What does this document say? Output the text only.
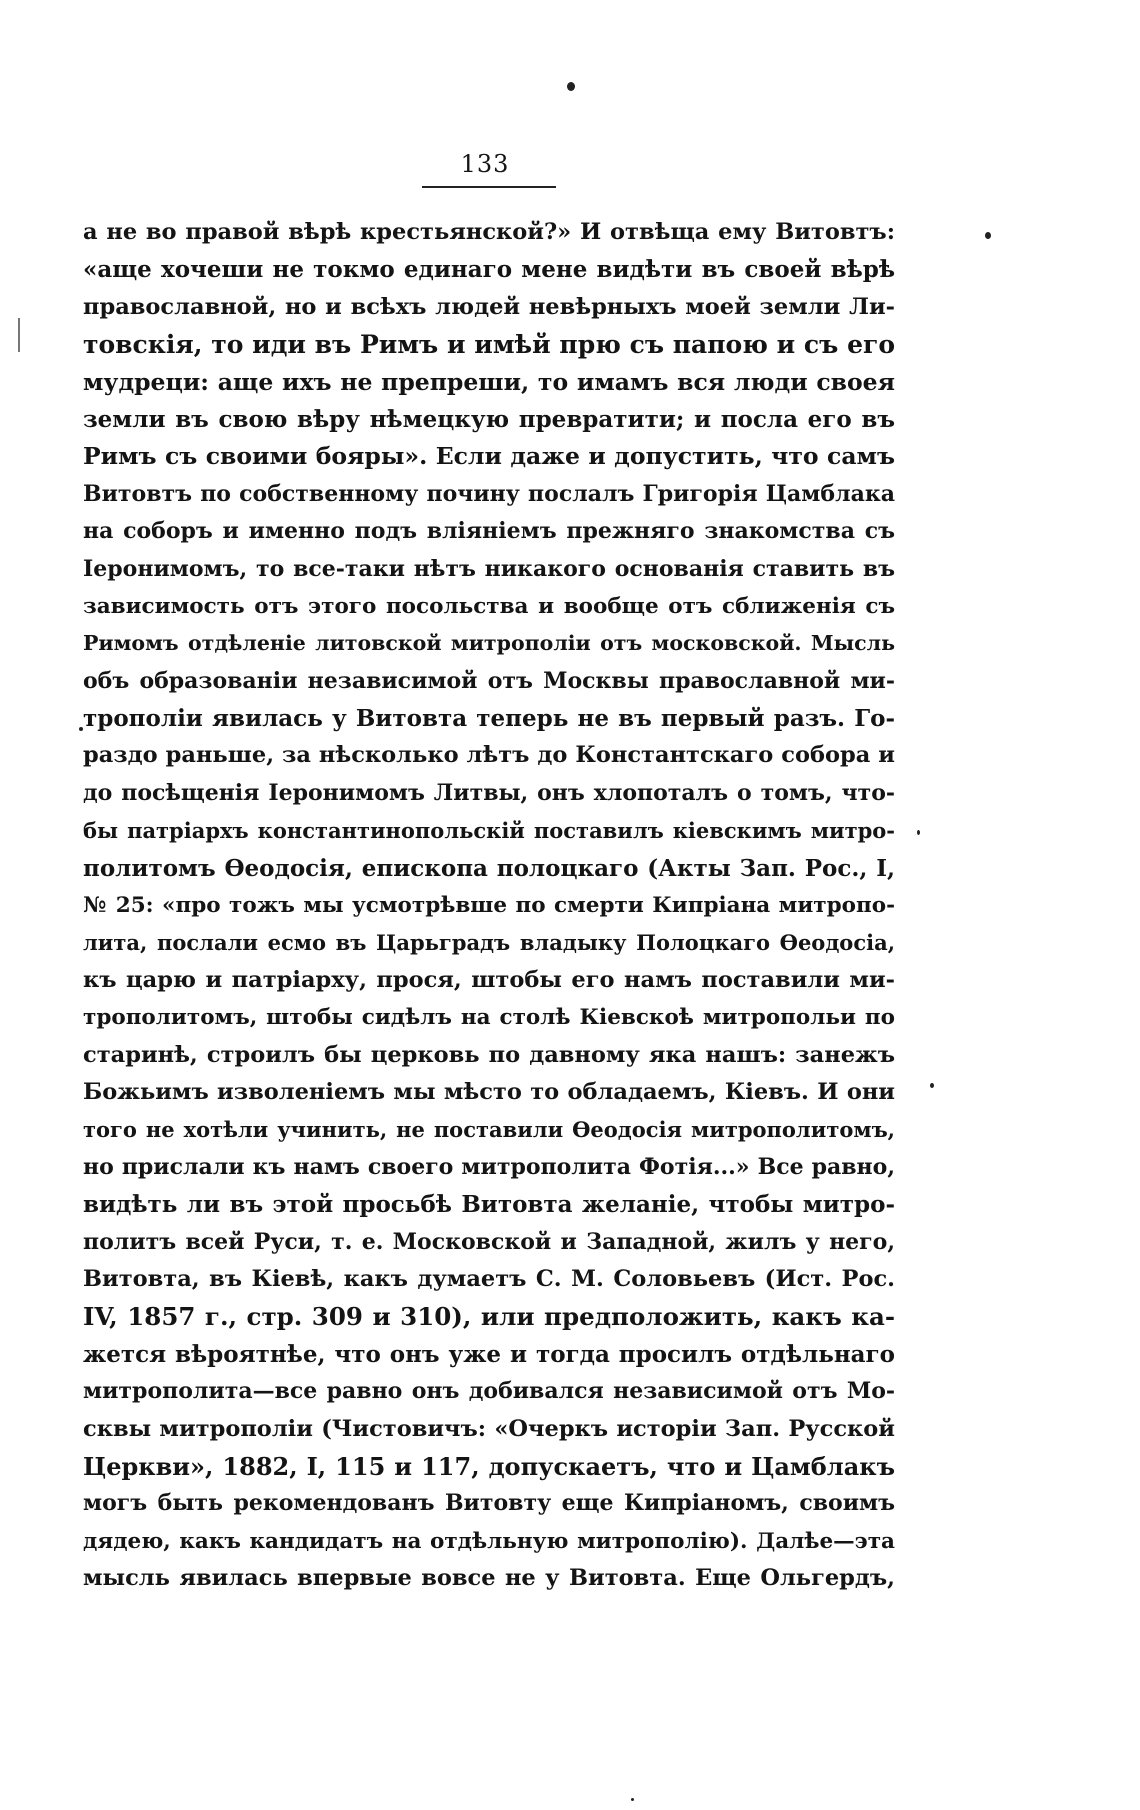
133
а не во правой вѣрѣ крестьянской?» И отвѣща ему Витовтъ:
«аще хочеши не токмо единаго мене видѣти въ своей вѣрѣ
православной, но и всѣхъ людей невѣрныхъ моей земли Ли-
товскія, то иди въ Римъ и имѣй прю съ папою и съ его
мудреци: аще ихъ не препреши, то имамъ вся люди своея
земли въ свою вѣру нѣмецкую превратити; и посла его въ
Римъ съ своими бояры». Если даже и допустить, что самъ
Витовтъ по собственному почину послалъ Григорія Цамблака
на соборъ и именно подъ вліяніемъ прежняго знакомства съ
Іеронимомъ, то все-таки нѣтъ никакого основанія ставить въ
зависимость отъ этого посольства и вообще отъ сближенія съ
Римомъ отдѣленіе литовской митрополіи отъ московской. Мысль
объ образованіи независимой отъ Москвы православной ми-
трополіи явилась у Витовта теперь не въ первый разъ. Го-
раздо раньше, за нѣсколько лѣтъ до Константскаго собора и
до посѣщенія Іеронимомъ Литвы, онъ хлопоталъ о томъ, что-
бы патріархъ константинопольскій поставилъ кіевскимъ митро-
политомъ Ѳеодосія, епископа полоцкаго (Акты Зап. Рос., I,
№ 25: «про тожъ мы усмотрѣвше по смерти Кипріана митропо-
лита, послали есмо въ Царьградъ владыку Полоцкаго Ѳеодосіа,
къ царю и патріарху, прося, штобы его намъ поставили ми-
трополитомъ, штобы сидѣлъ на столѣ Кіевскоѣ митропольи по
старинѣ, строилъ бы церковь по давному яка нашъ: занежъ
Божьимъ изволеніемъ мы мѣсто то обладаемъ, Кіевъ. И они
того не хотѣли учинить, не поставили Ѳеодосія митрополитомъ,
но прислали къ намъ своего митрополита Фотія...» Все равно,
видѣть ли въ этой просьбѣ Витовта желаніе, чтобы митро-
политъ всей Руси, т. е. Московской и Западной, жилъ у него,
Витовта, въ Кіевѣ, какъ думаетъ С. М. Соловьевъ (Ист. Рос.
IV, 1857 г., стр. 309 и 310), или предположить, какъ ка-
жется вѣроятнѣе, что онъ уже и тогда просилъ отдѣльнаго
митрополита—все равно онъ добивался независимой отъ Мо-
сквы митрополіи (Чистовичъ: «Очеркъ исторіи Зап. Русской
Церкви», 1882, I, 115 и 117, допускаетъ, что и Цамблакъ
могъ быть рекомендованъ Витовту еще Кипріаномъ, своимъ
дядею, какъ кандидатъ на отдѣльную митрополію). Далѣе—эта
мысль явилась впервые вовсе не у Витовта. Еще Ольгердъ,
